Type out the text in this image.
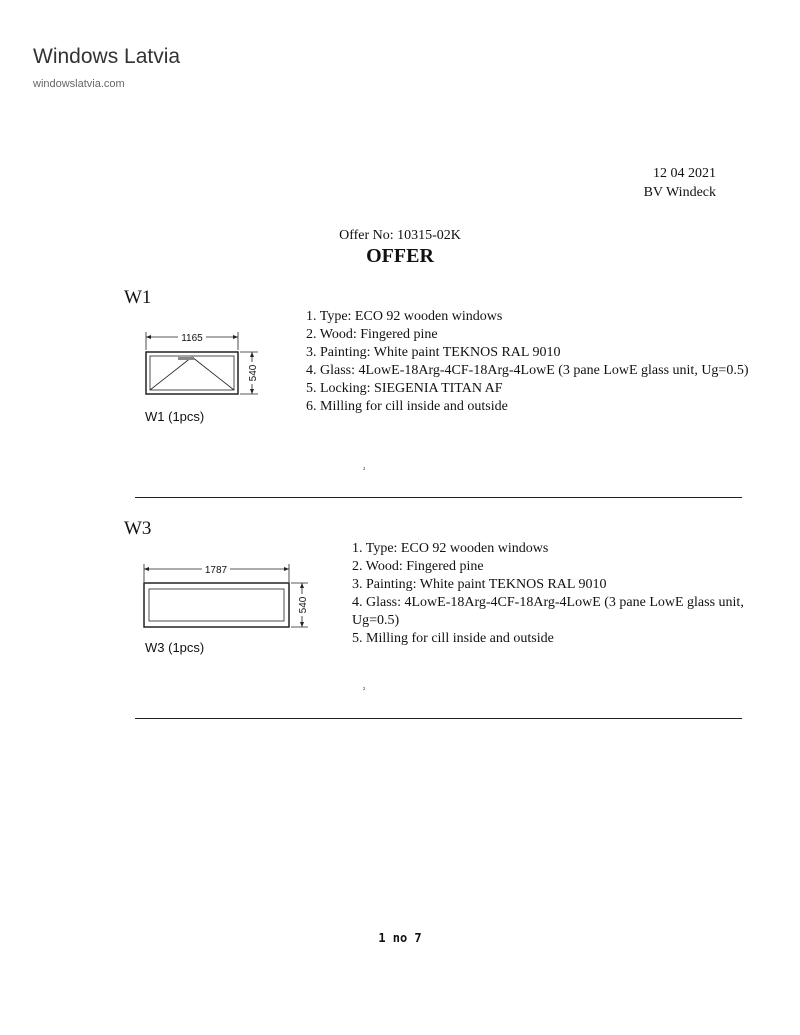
Windows Latvia
windowslatvia.com
12 04 2021
BV Windeck
Offer No: 10315-02K
OFFER
W1
1165
540
W1 (1pcs)
1. Type: ECO 92 wooden windows
2. Wood: Fingered pine
3. Painting: White paint TEKNOS RAL 9010
4. Glass: 4LowE-18Arg-4CF-18Arg-4LowE (3 pane LowE glass unit, Ug=0.5)
5. Locking: SIEGENIA TITAN AF
6. Milling for cill inside and outside
²
W3
1787
540
W3 (1pcs)
1. Type: ECO 92 wooden windows
2. Wood: Fingered pine
3. Painting: White paint TEKNOS RAL 9010
4. Glass: 4LowE-18Arg-4CF-18Arg-4LowE (3 pane LowE glass unit, Ug=0.5)
5. Milling for cill inside and outside
²
1 no 7
